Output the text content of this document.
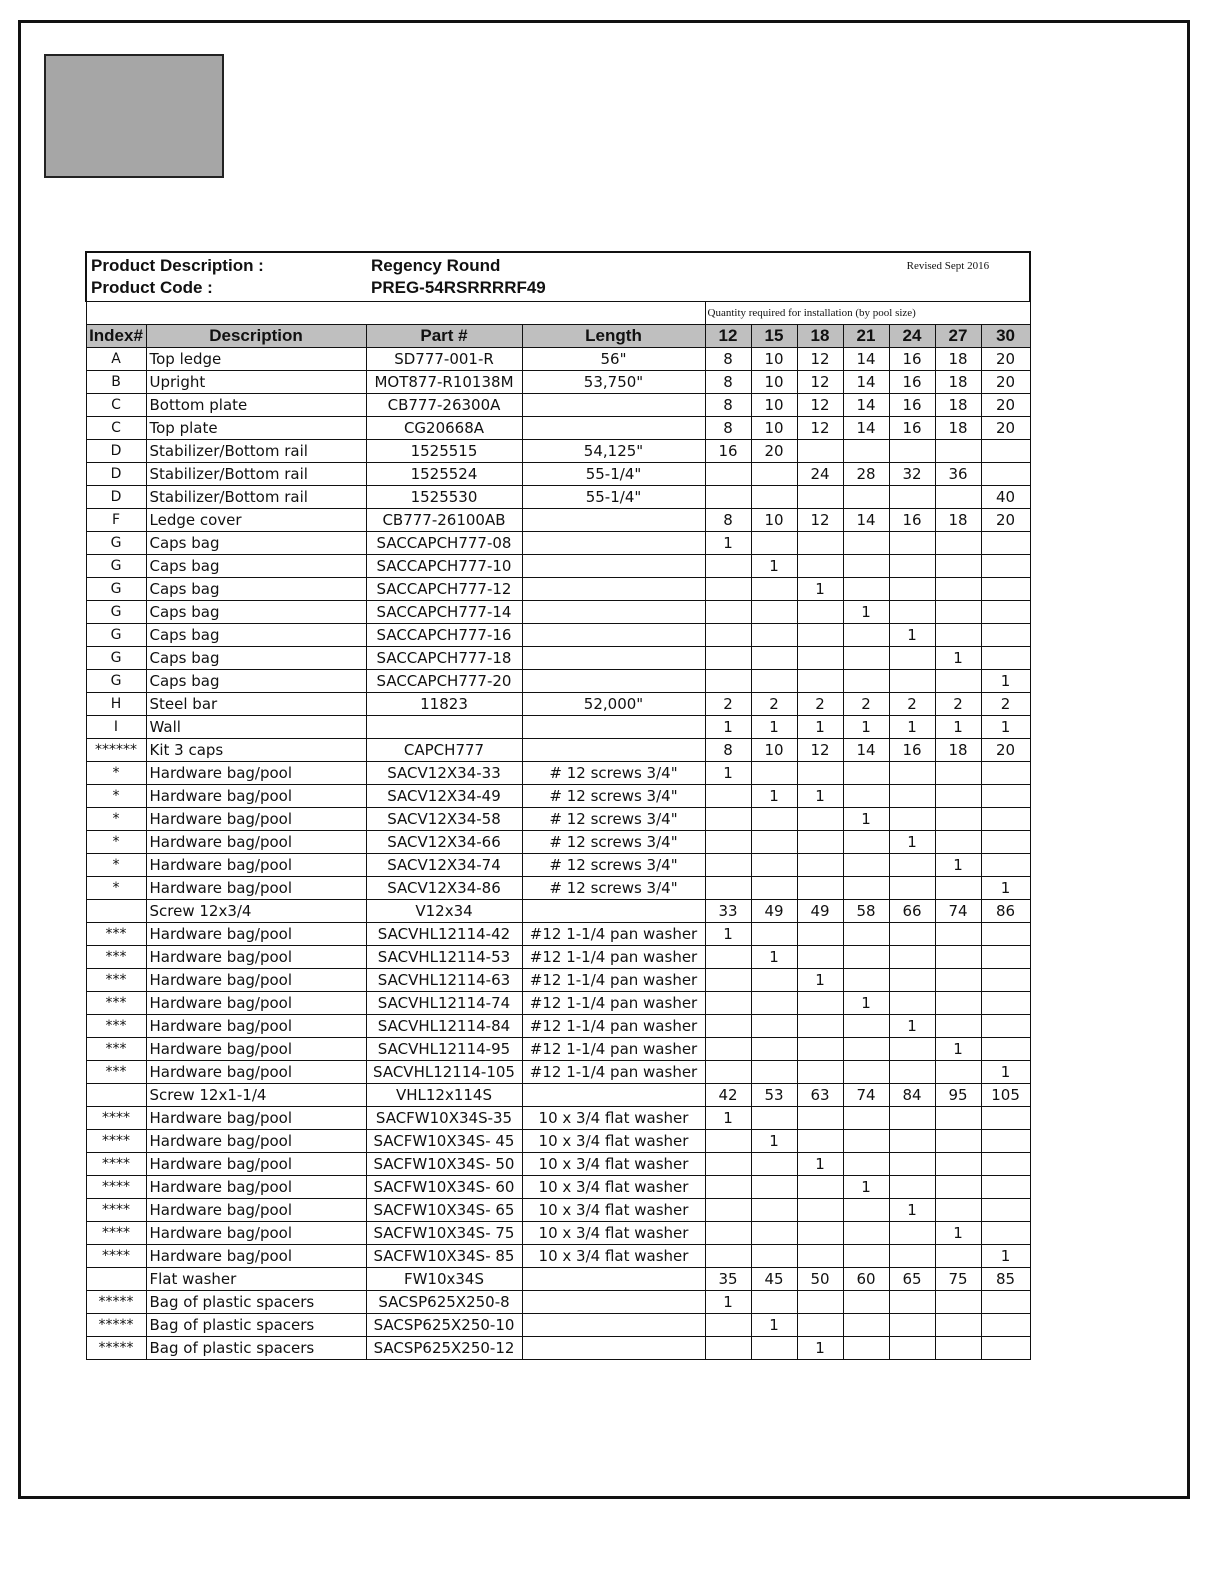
Product Description : Regency Round Revised Sept 2016
Product Code : PREG-54RSRRRRF49										

				Quantity required for installation (by pool size)						
Index#	Description	Part #	Length	12	15	18	21	24	27	30
A	Top ledge	SD777-001-R	56"	8	10	12	14	16	18	20
B	Upright	MOT877-R10138M	53,750"	8	10	12	14	16	18	20
C	Bottom plate	CB777-26300A		8	10	12	14	16	18	20
C	Top plate	CG20668A		8	10	12	14	16	18	20
D	Stabilizer/Bottom rail	1525515	54,125"	16	20					
D	Stabilizer/Bottom rail	1525524	55-1/4"			24	28	32	36	
D	Stabilizer/Bottom rail	1525530	55-1/4"							40
F	Ledge cover	CB777-26100AB		8	10	12	14	16	18	20
G	Caps bag	SACCAPCH777-08		1						
G	Caps bag	SACCAPCH777-10			1					
G	Caps bag	SACCAPCH777-12				1				
G	Caps bag	SACCAPCH777-14					1			
G	Caps bag	SACCAPCH777-16						1		
G	Caps bag	SACCAPCH777-18							1	
G	Caps bag	SACCAPCH777-20								1
H	Steel bar	11823	52,000"	2	2	2	2	2	2	2
I	Wall			1	1	1	1	1	1	1
******	Kit 3 caps	CAPCH777		8	10	12	14	16	18	20
*	Hardware bag/pool	SACV12X34-33	# 12 screws 3/4"	1						
*	Hardware bag/pool	SACV12X34-49	# 12 screws 3/4"		1	1				
*	Hardware bag/pool	SACV12X34-58	# 12 screws 3/4"				1			
*	Hardware bag/pool	SACV12X34-66	# 12 screws 3/4"					1		
*	Hardware bag/pool	SACV12X34-74	# 12 screws 3/4"						1	
*	Hardware bag/pool	SACV12X34-86	# 12 screws 3/4"							1
	Screw 12x3/4	V12x34		33	49	49	58	66	74	86
***	Hardware bag/pool	SACVHL12114-42	#12 1-1/4 pan washer	1						
***	Hardware bag/pool	SACVHL12114-53	#12 1-1/4 pan washer		1					
***	Hardware bag/pool	SACVHL12114-63	#12 1-1/4 pan washer			1				
***	Hardware bag/pool	SACVHL12114-74	#12 1-1/4 pan washer				1			
***	Hardware bag/pool	SACVHL12114-84	#12 1-1/4 pan washer					1		
***	Hardware bag/pool	SACVHL12114-95	#12 1-1/4 pan washer						1	
***	Hardware bag/pool	SACVHL12114-105	#12 1-1/4 pan washer							1
	Screw 12x1-1/4	VHL12x114S		42	53	63	74	84	95	105
****	Hardware bag/pool	SACFW10X34S-35	10 x 3/4 flat washer	1						
****	Hardware bag/pool	SACFW10X34S- 45	10 x 3/4 flat washer		1					
****	Hardware bag/pool	SACFW10X34S- 50	10 x 3/4 flat washer			1				
****	Hardware bag/pool	SACFW10X34S- 60	10 x 3/4 flat washer				1			
****	Hardware bag/pool	SACFW10X34S- 65	10 x 3/4 flat washer					1		
****	Hardware bag/pool	SACFW10X34S- 75	10 x 3/4 flat washer						1	
****	Hardware bag/pool	SACFW10X34S- 85	10 x 3/4 flat washer							1
	Flat washer	FW10x34S		35	45	50	60	65	75	85
*****	Bag of plastic spacers	SACSP625X250-8		1						
*****	Bag of plastic spacers	SACSP625X250-10			1					
*****	Bag of plastic spacers	SACSP625X250-12				1				
